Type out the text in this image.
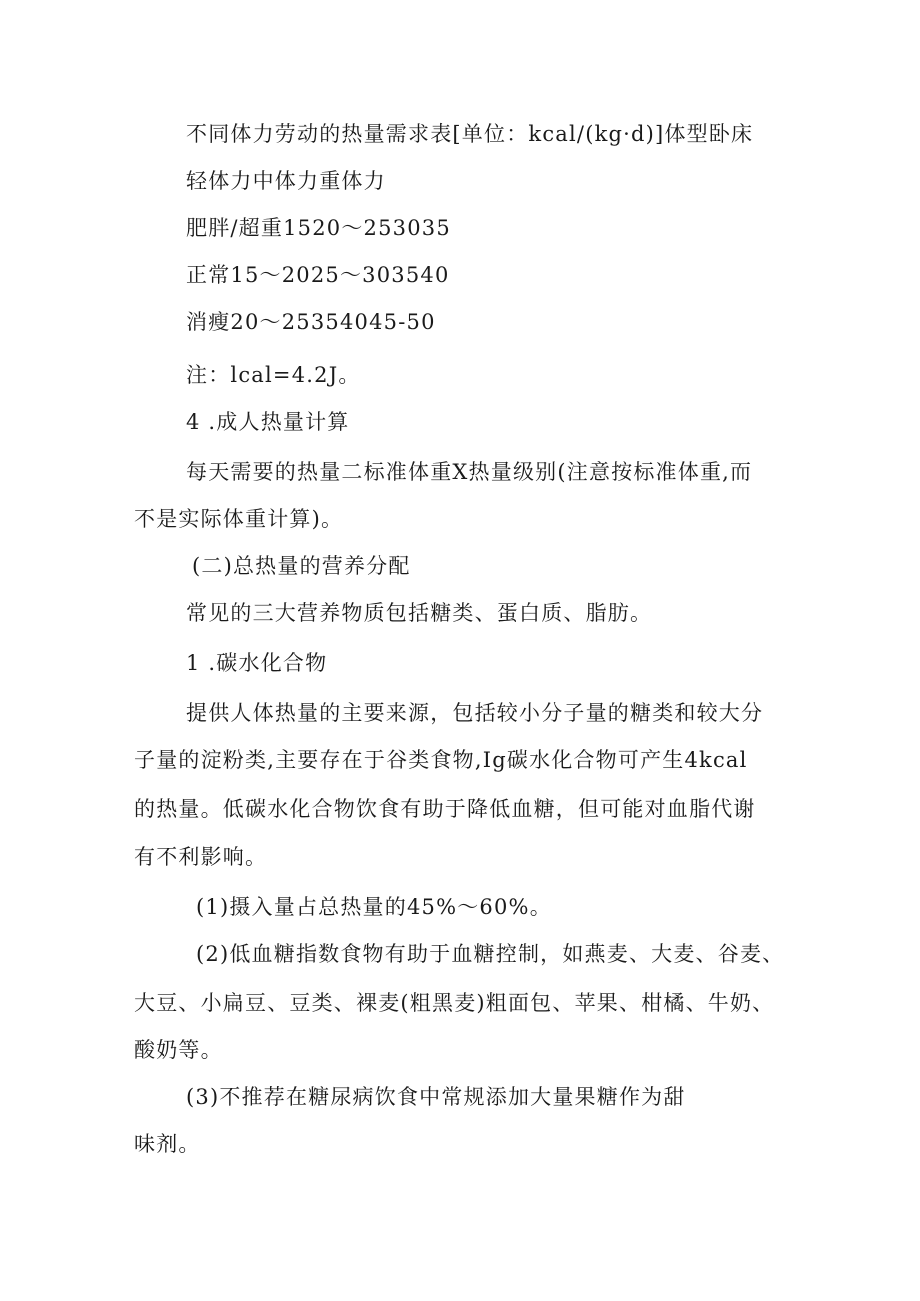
不同体力劳动的热量需求表[单位：kcal/(kg·d)]体型卧床
轻体力中体力重体力
肥胖/超重1520～253035
正常15～2025～303540
消瘦20～25354045-50
注：lcal=4.2J。
4 .成人热量计算
每天需要的热量二标准体重X热量级别(注意按标准体重,而
不是实际体重计算)。
(二)总热量的营养分配
常见的三大营养物质包括糖类、蛋白质、脂肪。
1 .碳水化合物
提供人体热量的主要来源，包括较小分子量的糖类和较大分
子量的淀粉类,主要存在于谷类食物,Ig碳水化合物可产生4kcal
的热量。低碳水化合物饮食有助于降低血糖，但可能对血脂代谢
有不利影响。
(1)摄入量占总热量的45%～60%。
(2)低血糖指数食物有助于血糖控制，如燕麦、大麦、谷麦、
大豆、小扁豆、豆类、裸麦(粗黑麦)粗面包、苹果、柑橘、牛奶、
酸奶等。
(3)不推荐在糖尿病饮食中常规添加大量果糖作为甜
味剂。
